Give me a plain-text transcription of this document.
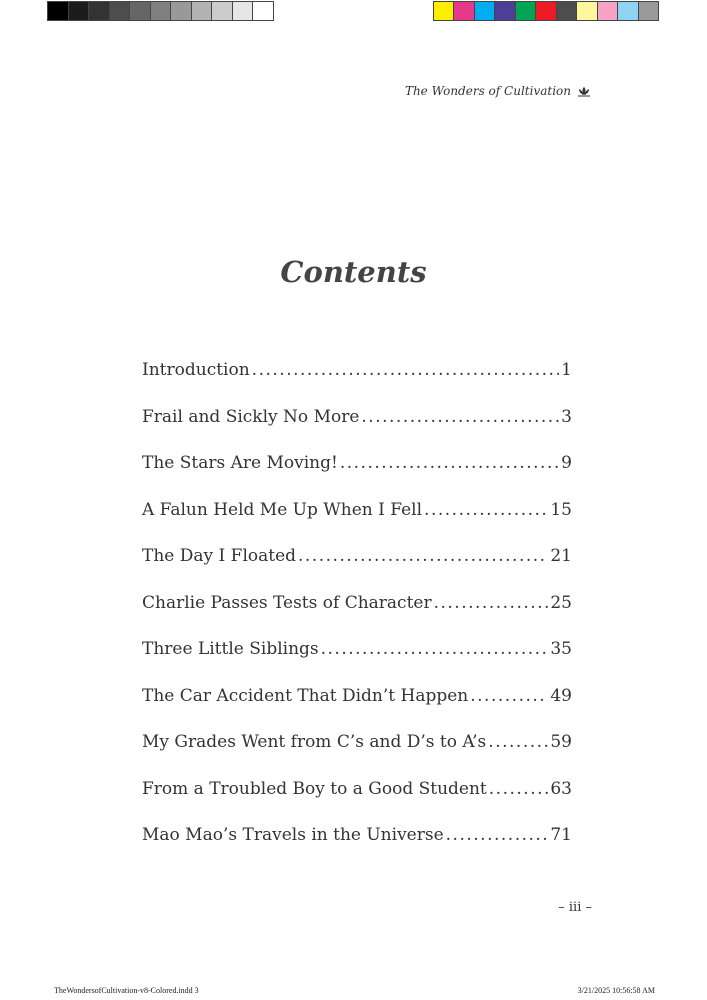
The Wonders of Cultivation
Contents
Introduction .....	1
Frail and Sickly No More .....	3
The Stars Are Moving! .....	9
A Falun Held Me Up When I Fell .....	15
The Day I Floated .....	21
Charlie Passes Tests of Character .....	25
Three Little Siblings .....	35
The Car Accident That Didn’t Happen .....	49
My Grades Went from C’s and D’s to A’s .....	59
From a Troubled Boy to a Good Student .....	63
Mao Mao’s Travels in the Universe .....	71
– iii –
TheWondersofCultivation-v8-Colored.indd 3	3/21/2025 10:56:58 AM
